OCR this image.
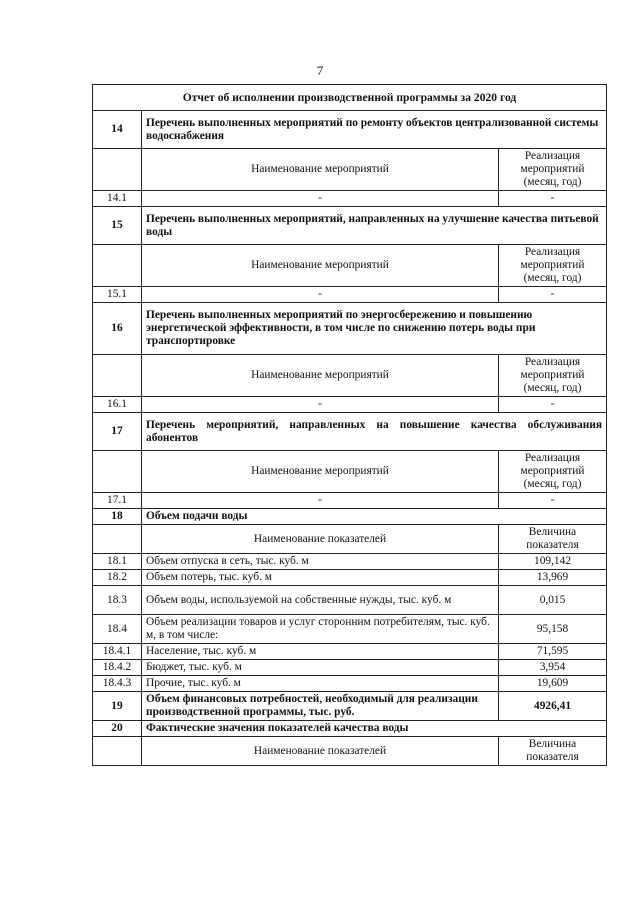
7
Отчет об исполнении производственной программы за 2020 год		
14	Перечень выполненных мероприятий по ремонту объектов централизованной системы водоснабжения	
	Наименование мероприятий	Реализация мероприятий (месяц, год)
14.1	-	-
15	Перечень выполненных мероприятий, направленных на улучшение качества питьевой воды	
	Наименование мероприятий	Реализация мероприятий (месяц, год)
15.1	-	-
16	Перечень выполненных мероприятий по энергосбережению и повышению энергетической эффективности, в том числе по снижению потерь воды при транспортировке	
	Наименование мероприятий	Реализация мероприятий (месяц, год)
16.1	-	-
17	Перечень мероприятий, направленных на повышение качества обслуживания абонентов	
	Наименование мероприятий	Реализация мероприятий (месяц, год)
17.1	-	-
18	Объем подачи воды	
	Наименование показателей	Величина показателя
18.1	Объем отпуска в сеть, тыс. куб. м	109,142
18.2	Объем потерь, тыс. куб. м	13,969
18.3	Объем воды, используемой на собственные нужды, тыс. куб. м	0,015
18.4	Объем реализации товаров и услуг сторонним потребителям, тыс. куб. м, в том числе:	95,158
18.4.1	Население, тыс. куб. м	71,595
18.4.2	Бюджет, тыс. куб. м	3,954
18.4.3	Прочие, тыс. куб. м	19,609
19	Объем финансовых потребностей, необходимый для реализации производственной программы, тыс. руб.	4926,41
20	Фактические значения показателей качества воды	
	Наименование показателей	Величина показателя
